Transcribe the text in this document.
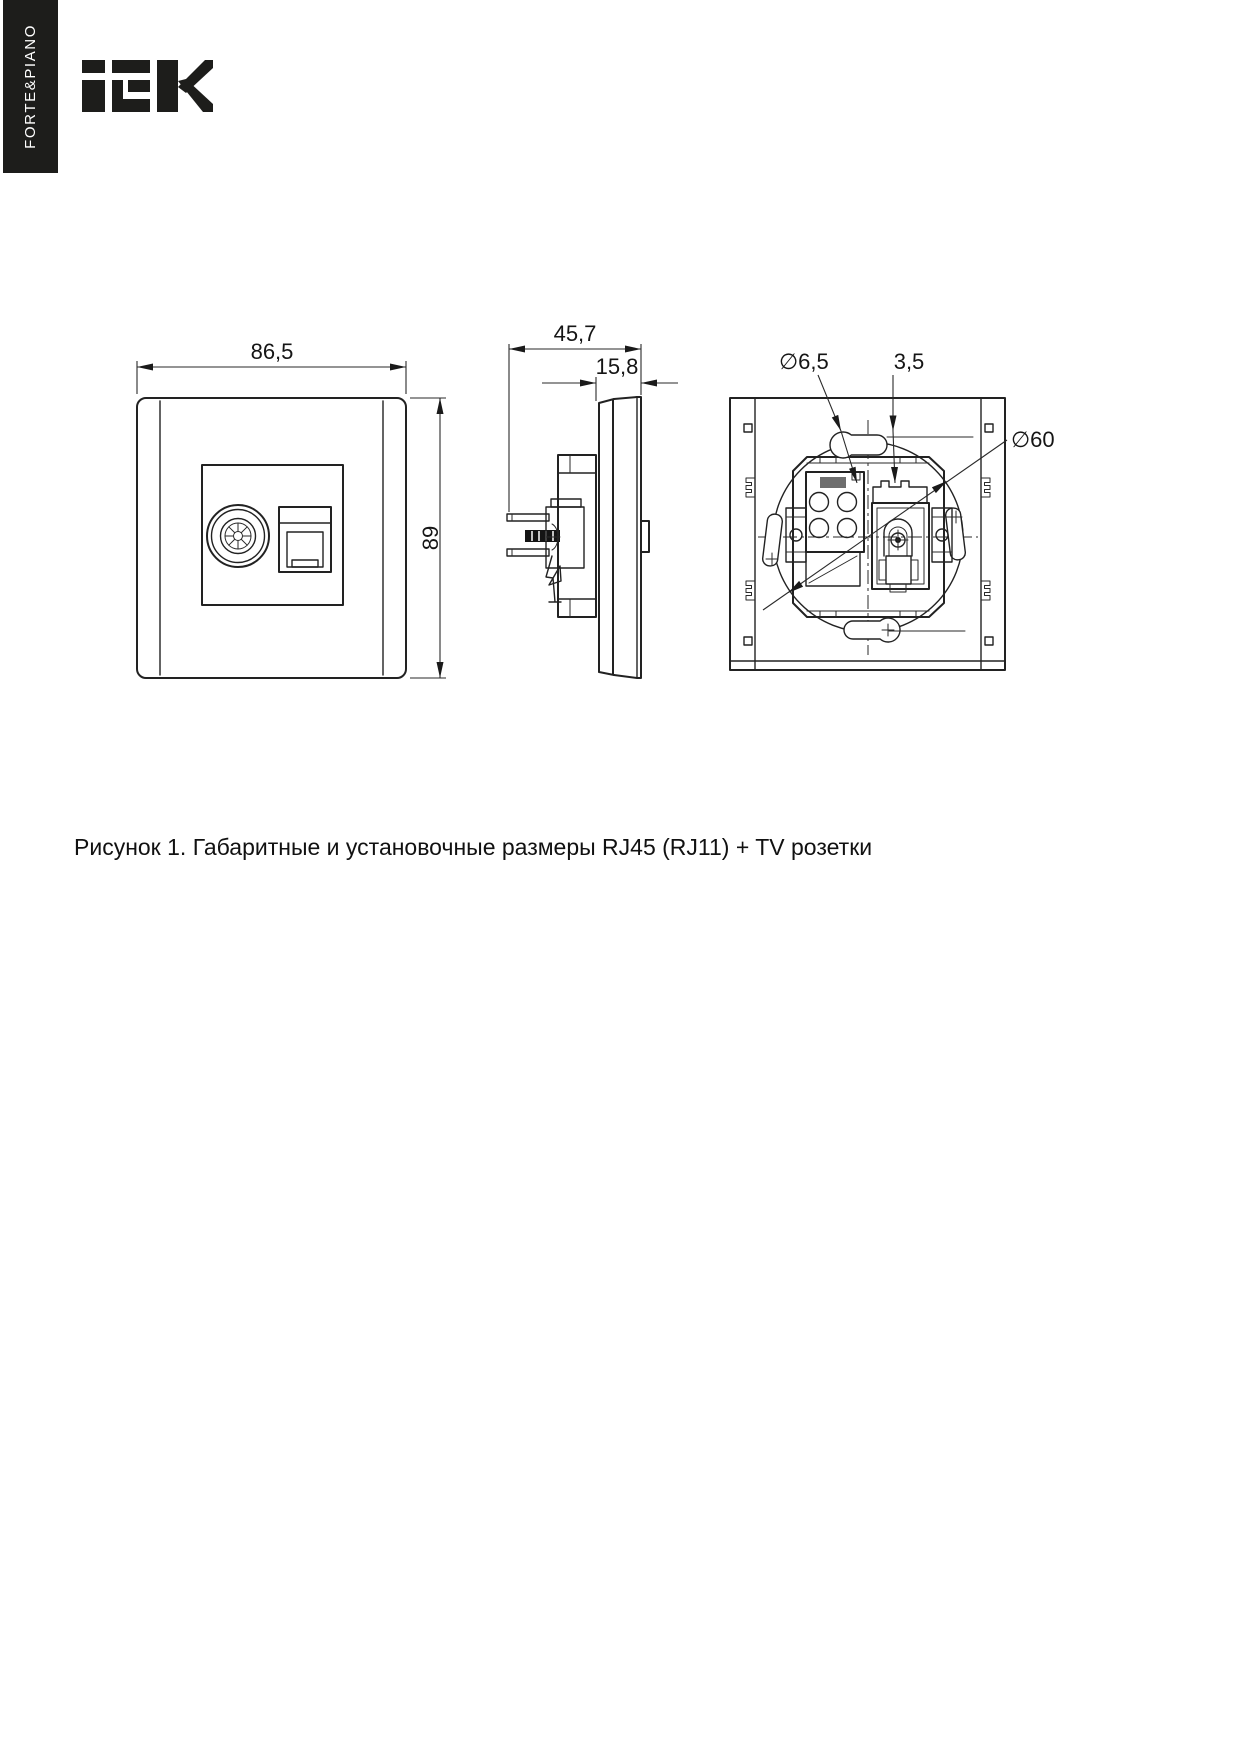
FORTE&PIANO
86,5
89
45,7
15,8	∅6,5	3,5
∅60
Рисунок 1. Габаритные и установочные размеры RJ45 (RJ11) + TV розетки
